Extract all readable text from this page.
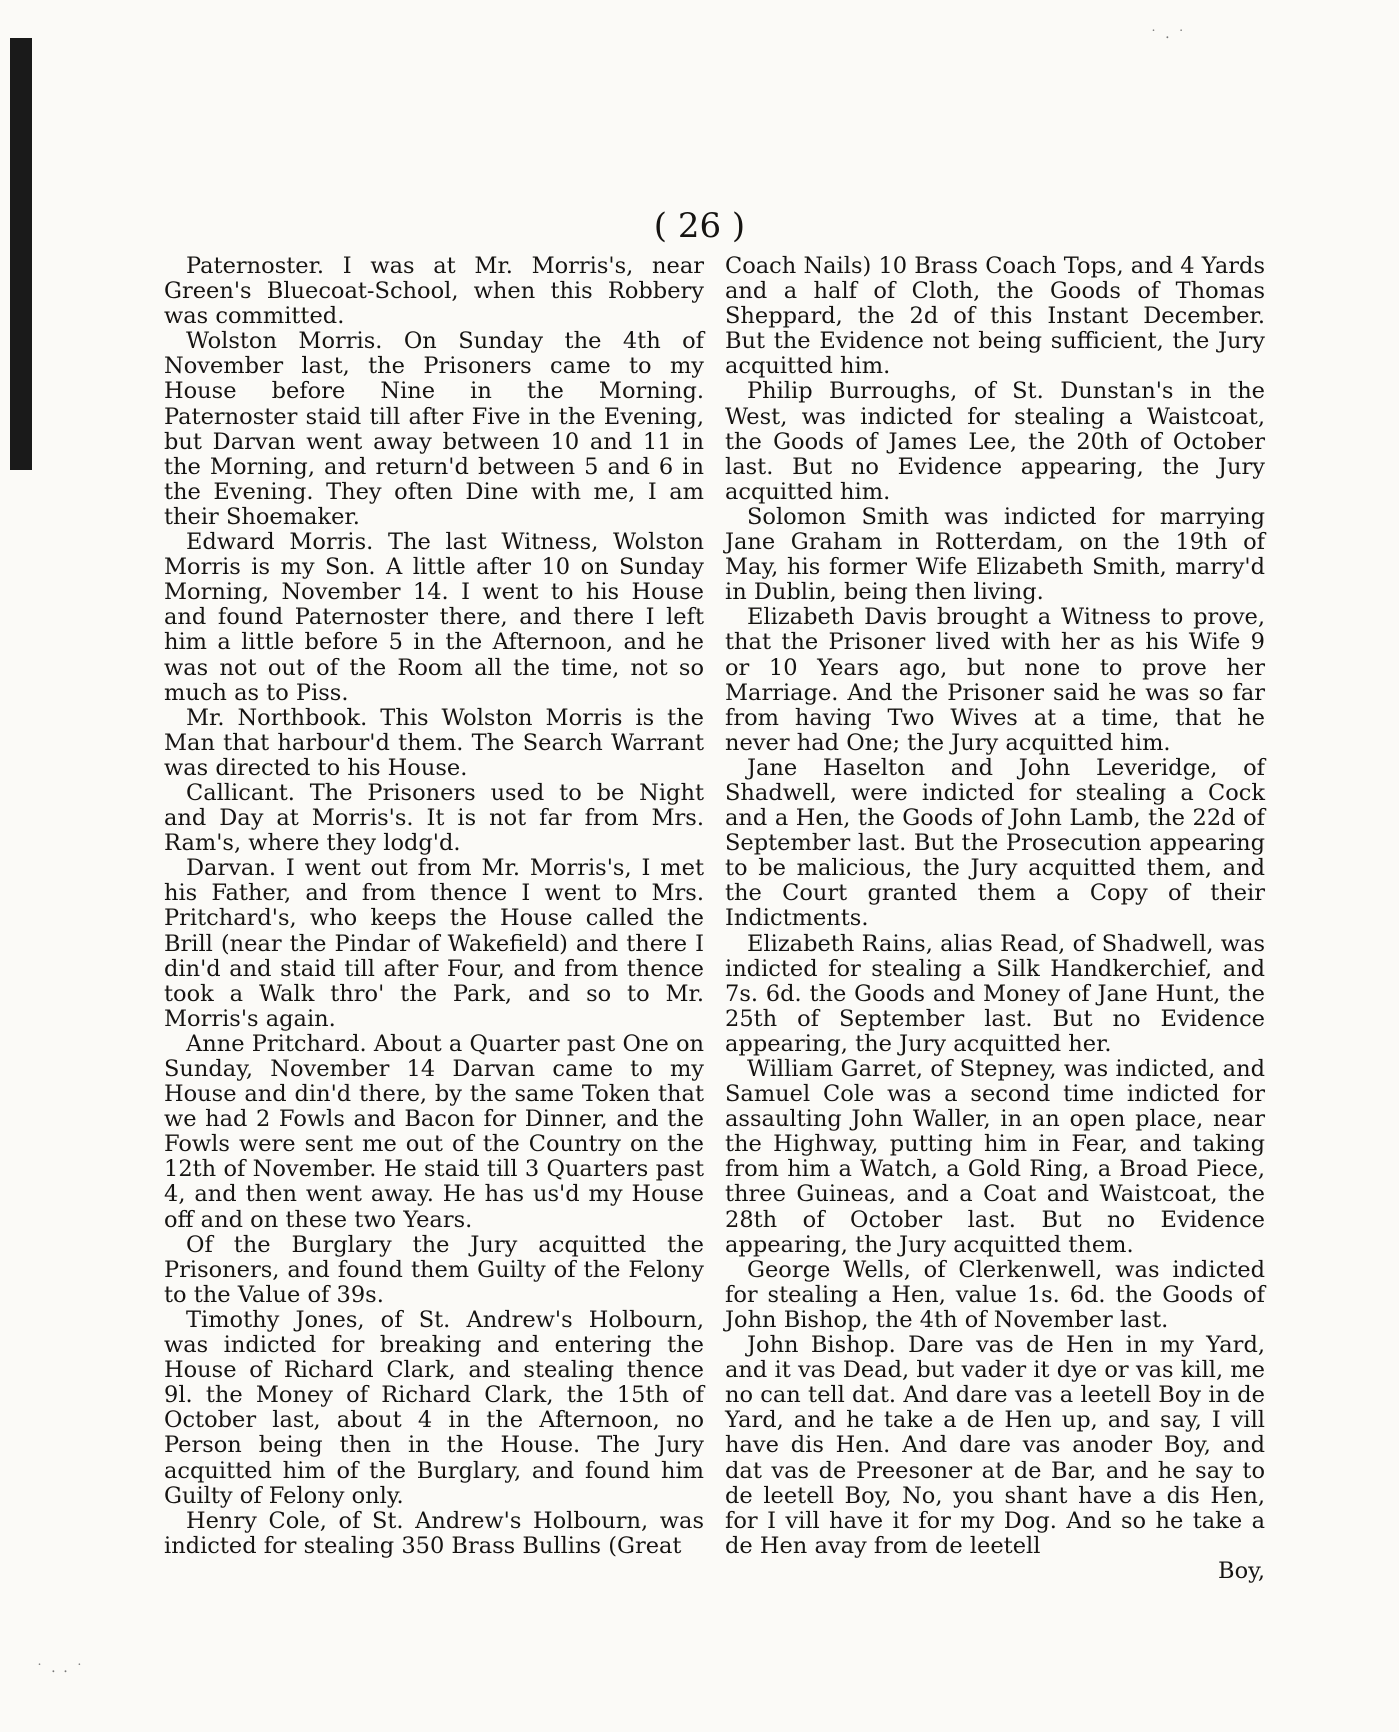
˙ ⸳ ˙
˙ ⸳ ⸳ ˙
( 26 )

Paternoster. I was at Mr. Morris's, near Green's Bluecoat-School, when this Robbery was committed.

Wolston Morris. On Sunday the 4th of November last, the Prisoners came to my House before Nine in the Morning. Paternoster staid till after Five in the Evening, but Darvan went away between 10 and 11 in the Morning, and return'd between 5 and 6 in the Evening. They often Dine with me, I am their Shoemaker.

Edward Morris. The last Witness, Wolston Morris is my Son. A little after 10 on Sunday Morning, November 14. I went to his House and found Paternoster there, and there I left him a little before 5 in the Afternoon, and he was not out of the Room all the time, not so much as to Piss.

Mr. Northbook. This Wolston Morris is the Man that harbour'd them. The Search Warrant was directed to his House.

Callicant. The Prisoners used to be Night and Day at Morris's. It is not far from Mrs. Ram's, where they lodg'd.

Darvan. I went out from Mr. Morris's, I met his Father, and from thence I went to Mrs. Pritchard's, who keeps the House called the Brill (near the Pindar of Wakefield) and there I din'd and staid till after Four, and from thence took a Walk thro' the Park, and so to Mr. Morris's again.

Anne Pritchard. About a Quarter past One on Sunday, November 14 Darvan came to my House and din'd there, by the same Token that we had 2 Fowls and Bacon for Dinner, and the Fowls were sent me out of the Country on the 12th of November. He staid till 3 Quarters past 4, and then went away. He has us'd my House off and on these two Years.

Of the Burglary the Jury acquitted the Prisoners, and found them Guilty of the Felony to the Value of 39s.

Timothy Jones, of St. Andrew's Holbourn, was indicted for breaking and entering the House of Richard Clark, and stealing thence 9l. the Money of Richard Clark, the 15th of October last, about 4 in the Afternoon, no Person being then in the House. The Jury acquitted him of the Burglary, and found him Guilty of Felony only.

Henry Cole, of St. Andrew's Holbourn, was indicted for stealing 350 Brass Bullins (Great

Coach Nails) 10 Brass Coach Tops, and 4 Yards and a half of Cloth, the Goods of Thomas Sheppard, the 2d of this Instant December. But the Evidence not being sufficient, the Jury acquitted him.

Philip Burroughs, of St. Dunstan's in the West, was indicted for stealing a Waistcoat, the Goods of James Lee, the 20th of October last. But no Evidence appearing, the Jury acquitted him.

Solomon Smith was indicted for marrying Jane Graham in Rotterdam, on the 19th of May, his former Wife Elizabeth Smith, marry'd in Dublin, being then living.

Elizabeth Davis brought a Witness to prove, that the Prisoner lived with her as his Wife 9 or 10 Years ago, but none to prove her Marriage. And the Prisoner said he was so far from having Two Wives at a time, that he never had One; the Jury acquitted him.

Jane Haselton and John Leveridge, of Shadwell, were indicted for stealing a Cock and a Hen, the Goods of John Lamb, the 22d of September last. But the Prosecution appearing to be malicious, the Jury acquitted them, and the Court granted them a Copy of their Indictments.

Elizabeth Rains, alias Read, of Shadwell, was indicted for stealing a Silk Handkerchief, and 7s. 6d. the Goods and Money of Jane Hunt, the 25th of September last. But no Evidence appearing, the Jury acquitted her.

William Garret, of Stepney, was indicted, and Samuel Cole was a second time indicted for assaulting John Waller, in an open place, near the Highway, putting him in Fear, and taking from him a Watch, a Gold Ring, a Broad Piece, three Guineas, and a Coat and Waistcoat, the 28th of October last. But no Evidence appearing, the Jury acquitted them.

George Wells, of Clerkenwell, was indicted for stealing a Hen, value 1s. 6d. the Goods of John Bishop, the 4th of November last.

John Bishop. Dare vas de Hen in my Yard, and it vas Dead, but vader it dye or vas kill, me no can tell dat. And dare vas a leetell Boy in de Yard, and he take a de Hen up, and say, I vill have dis Hen. And dare vas anoder Boy, and dat vas de Preesoner at de Bar, and he say to de leetell Boy, No, you shant have a dis Hen, for I vill have it for my Dog. And so he take a de Hen avay from de leetell

Boy,
